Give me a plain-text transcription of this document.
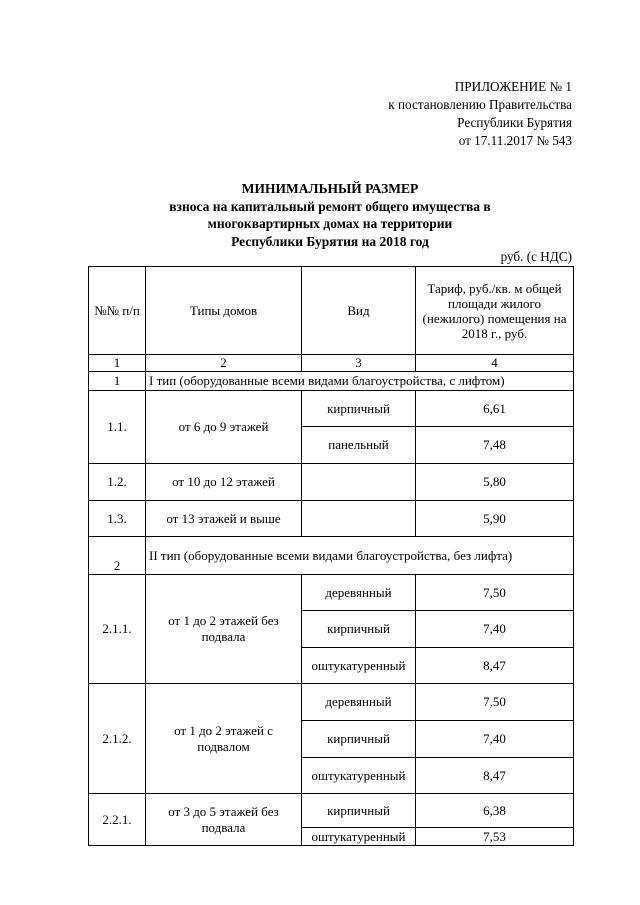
ПРИЛОЖЕНИЕ № 1
к постановлению Правительства
Республики Бурятия
от 17.11.2017 № 543
МИНИМАЛЬНЫЙ РАЗМЕР
взноса на капитальный ремонт общего имущества в
многоквартирных домах на территории
Республики Бурятия на 2018 год
руб. (с НДС)
№№ п/п	Типы домов	Вид	Тариф, руб./кв. м общей площади жилого (нежилого) помещения на 2018 г., руб.
1	2	3	4
1	I тип (оборудованные всеми видами благоустройства, с лифтом)		
1.1.	от 6 до 9 этажей	кирпичный	6,61
		панельный	7,48
1.2.	от 10 до 12 этажей		5,80
1.3.	от 13 этажей и выше		5,90
2	II тип (оборудованные всеми видами благоустройства, без лифта)		
2.1.1.	от 1 до 2 этажей без подвала	деревянный	7,50
		кирпичный	7,40
		оштукатуренный	8,47
2.1.2.	от 1 до 2 этажей с подвалом	деревянный	7,50
		кирпичный	7,40
		оштукатуренный	8,47
2.2.1.	от 3 до 5 этажей без подвала	кирпичный	6,38
		оштукатуренный	7,53
